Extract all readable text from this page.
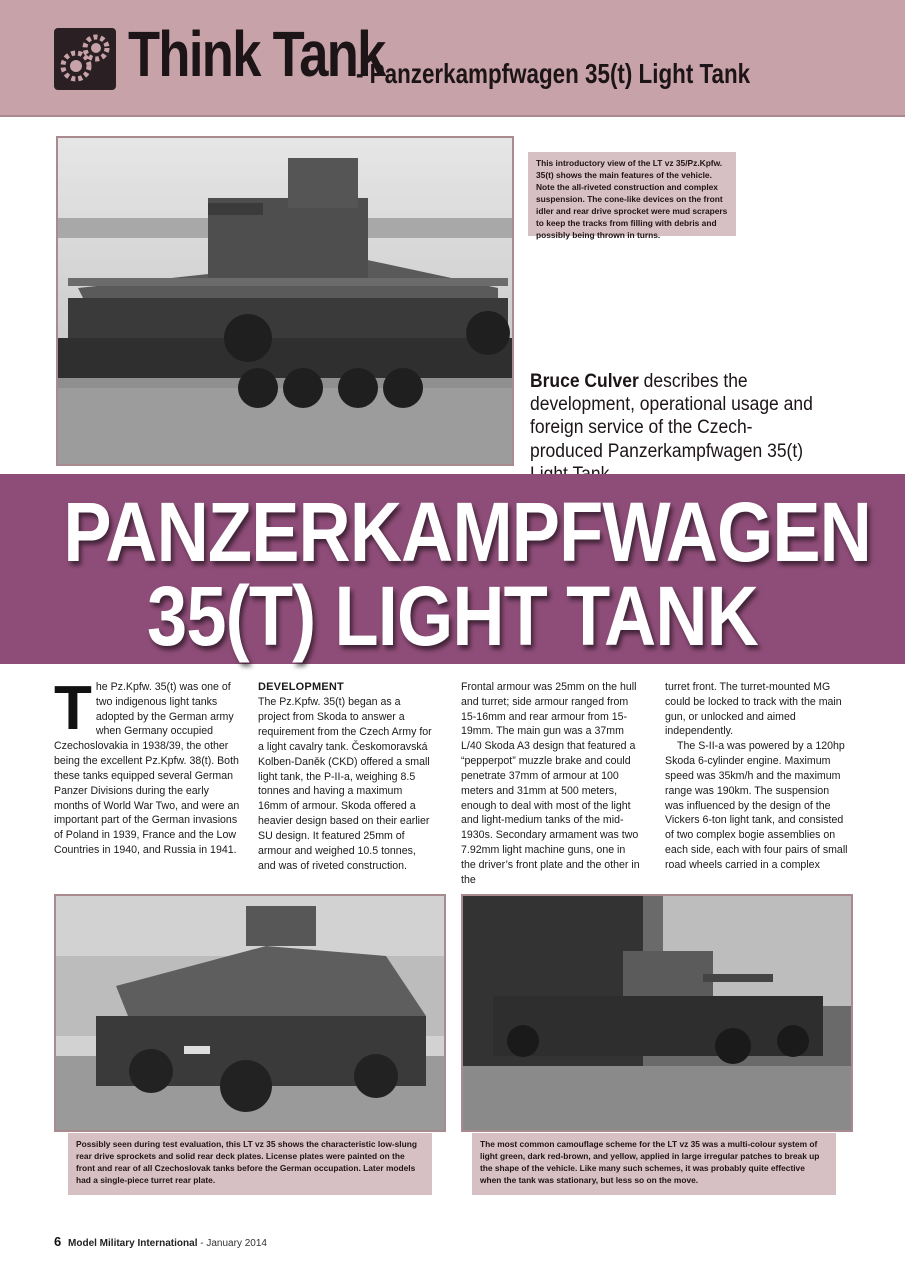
Think Tank
- Panzerkampfwagen 35(t) Light Tank
This introductory view of the LT vz 35/Pz.Kpfw. 35(t) shows the main features of the vehicle. Note the all-riveted construction and complex suspension. The cone-like devices on the front idler and rear drive sprocket were mud scrapers to keep the tracks from filling with debris and possibly being thrown in turns.
Bruce Culver describes the development, operational usage and foreign service of the Czech-produced Panzerkampfwagen 35(t)
PANZERKAMPFWAGEN
35(T) LIGHT TANK

The Pz.Kpfw. 35(t) was one of two indigenous light tanks adopted by the German army when Germany occupied Czechoslovakia in 1938/39, the other being the excellent Pz.Kpfw. 38(t). Both these tanks equipped several German Panzer Divisions during the early months of World War Two, and were an important part of the German invasions of Poland in 1939, France and the Low Countries in 1940, and Russia in 1941.

DEVELOPMENT

The Pz.Kpfw. 35(t) began as a project from Skoda to answer a requirement from the Czech Army for a light cavalry tank. Českomoravská Kolben-Daněk (CKD) offered a small light tank, the P-II-a, weighing 8.5 tonnes and having a maximum 16mm of armour. Skoda offered a heavier design based on their earlier SU design. It featured 25mm of armour and weighed 10.5 tonnes, and was of riveted construction.

Frontal armour was 25mm on the hull and turret; side armour ranged from 15-16mm and rear armour from 15-19mm. The main gun was a 37mm L/40 Skoda A3 design that featured a “pepperpot” muzzle brake and could penetrate 37mm of armour at 100 meters and 31mm at 500 meters, enough to deal with most of the light and light-medium tanks of the mid-1930s. Secondary armament was two 7.92mm light machine guns, one in the driver’s front plate and the other in the

turret front. The turret-mounted MG could be locked to track with the main gun, or unlocked and aimed independently.

The S-II-a was powered by a 120hp Skoda 6-cylinder engine. Maximum speed was 35km/h and the maximum range was 190km. The suspension was influenced by the design of the Vickers 6-ton light tank, and consisted of two complex bogie assemblies on each side, each with four pairs of small road wheels carried in a complex

Possibly seen during test evaluation, this LT vz 35 shows the characteristic low-slung rear drive sprockets and solid rear deck plates. License plates were painted on the front and rear of all Czechoslovak tanks before the German occupation. Later models had a single-piece turret rear plate.
The most common camouflage scheme for the LT vz 35 was a multi-colour system of light green, dark red-brown, and yellow, applied in large irregular patches to break up the shape of the vehicle. Like many such schemes, it was probably quite effective when the tank was stationary, but less so on the move.
6 Model Military International - January 2014
